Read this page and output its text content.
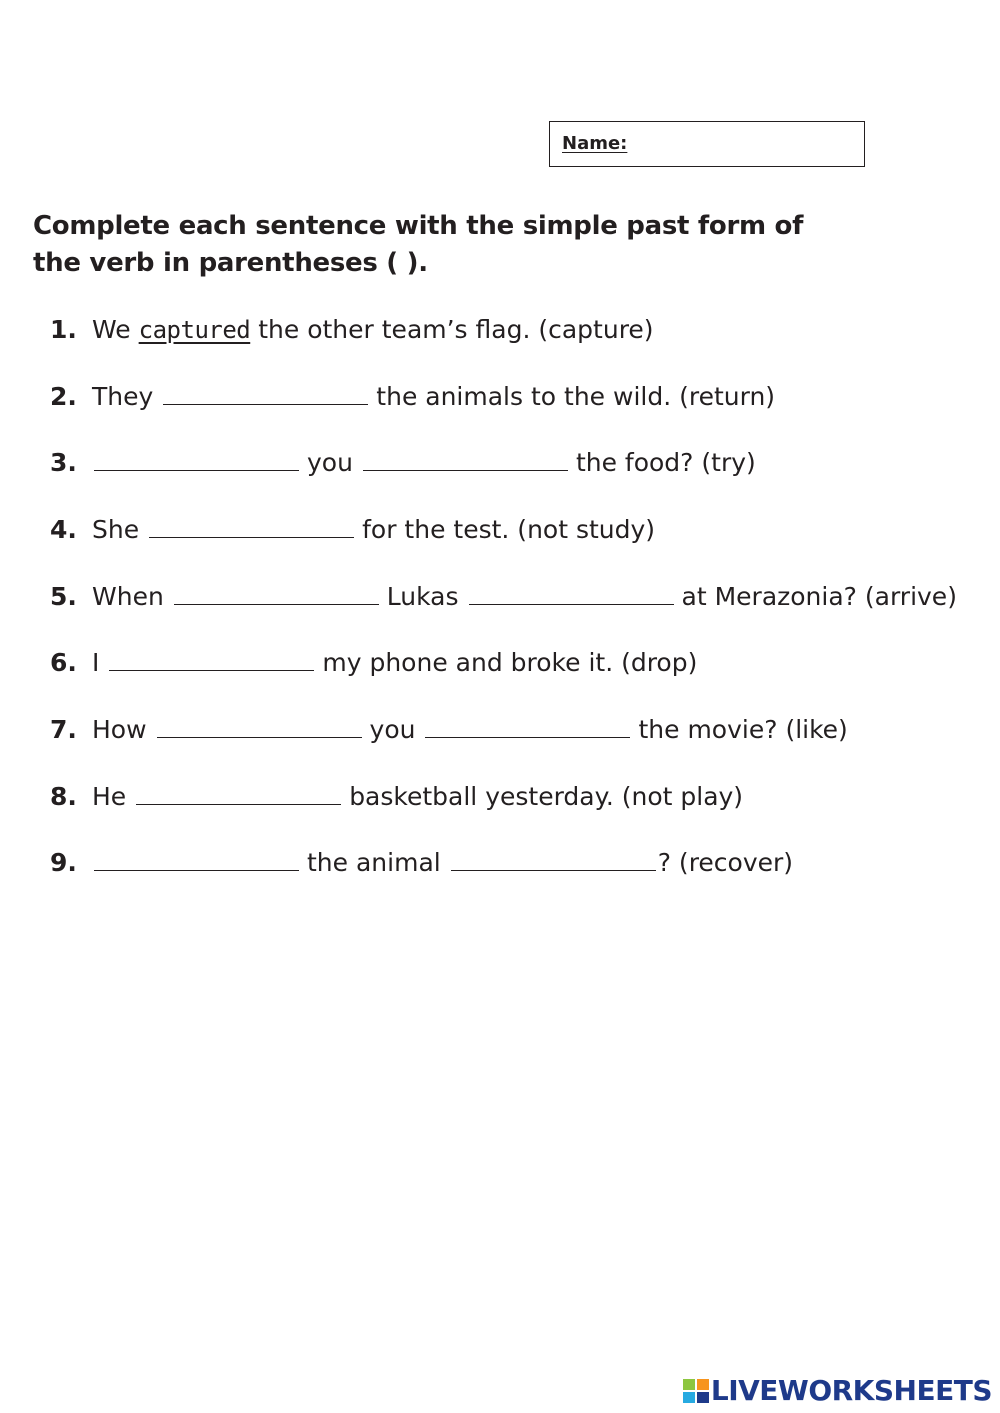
Name:
Complete each sentence with the simple past form of the verb in parentheses ( ).
1. We captured the other team’s flag. (capture)
2. They	the animals to the wild. (return)
3.	you	the food? (try)
4. She	for the test. (not study)
5. When	Lukas	at Merazonia? (arrive)
6. I	my phone and broke it. (drop)
7. How	you	the movie? (like)
8. He	basketball yesterday. (not play)
9.	the animal	? (recover)
LIVEWORKSHEETS
